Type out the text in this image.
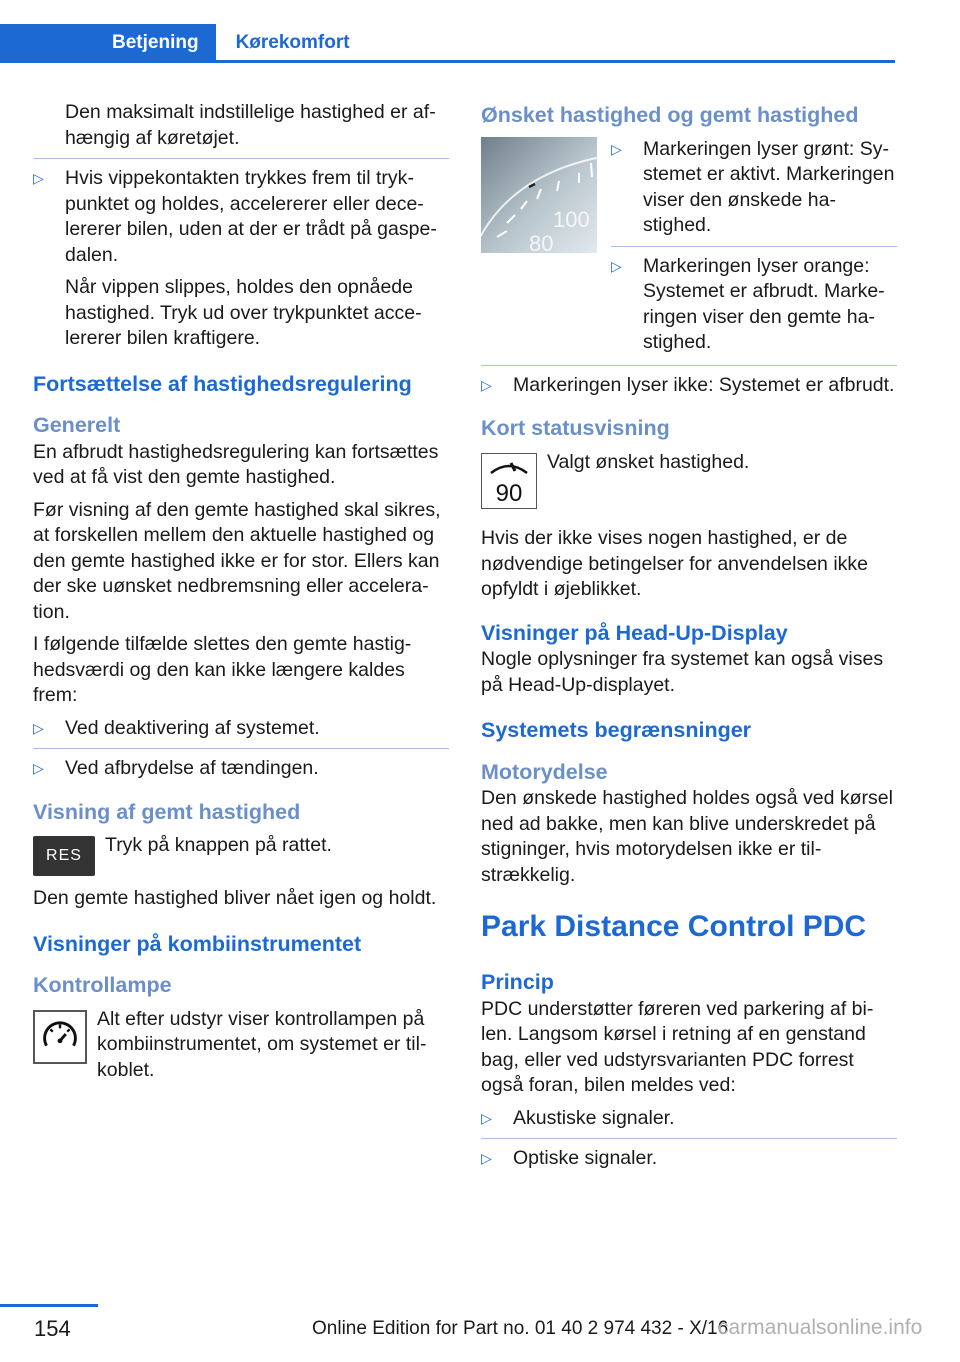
Betjening	Kørekomfort

Den maksimalt indstillelige hastighed er afhængig af køretøjet.

▷	Hvis vippekontakten trykkes frem til trykpunktet og holdes, accelererer eller decelererer bilen, uden at der er trådt på gaspedalen.

Når vippen slippes, holdes den opnåede hastighed. Tryk ud over trykpunktet accelererer bilen kraftigere.

Fortsættelse af hastighedsregulering
Generelt

En afbrudt hastighedsregulering kan fortsættes ved at få vist den gemte hastighed.

Før visning af den gemte hastighed skal sikres, at forskellen mellem den aktuelle hastighed og den gemte hastighed ikke er for stor. Ellers kan der ske uønsket nedbremsning eller acceleration.

I følgende tilfælde slettes den gemte hastighedsværdi og den kan ikke længere kaldes frem:

▷	Ved deaktivering af systemet.
▷	Ved afbrydelse af tændingen.
Visning af gemt hastighed
RES	Tryk på knappen på rattet.

Den gemte hastighed bliver nået igen og holdt.

Visninger på kombiinstrumentet
Kontrollampe
Alt efter udstyr viser kontrollampen på kombiinstrumentet, om systemet er tilkoblet.
Ønsket hastighed og gemt hastighed
100
80
▷	Markeringen lyser grønt: Systemet er aktivt. Markeringen viser den ønskede hastighed.
▷	Markeringen lyser orange: Systemet er afbrudt. Markeringen viser den gemte hastighed.
▷	Markeringen lyser ikke: Systemet er afbrudt.
Kort statusvisning
90
Valgt ønsket hastighed.

Hvis der ikke vises nogen hastighed, er de nødvendige betingelser for anvendelsen ikke opfyldt i øjeblikket.

Visninger på Head-Up-Display

Nogle oplysninger fra systemet kan også vises på Head-Up-displayet.

Systemets begrænsninger
Motorydelse

Den ønskede hastighed holdes også ved kørsel ned ad bakke, men kan blive underskredet på stigninger, hvis motorydelsen ikke er tilstrækkelig.

Park Distance Control PDC
Princip

PDC understøtter føreren ved parkering af bilen. Langsom kørsel i retning af en genstand bag, eller ved udstyrsvarianten PDC forrest også foran, bilen meldes ved:

▷	Akustiske signaler.
▷	Optiske signaler.
154	Online Edition for Part no. 01 40 2 974 432 - X/16
carmanualsonline.info
